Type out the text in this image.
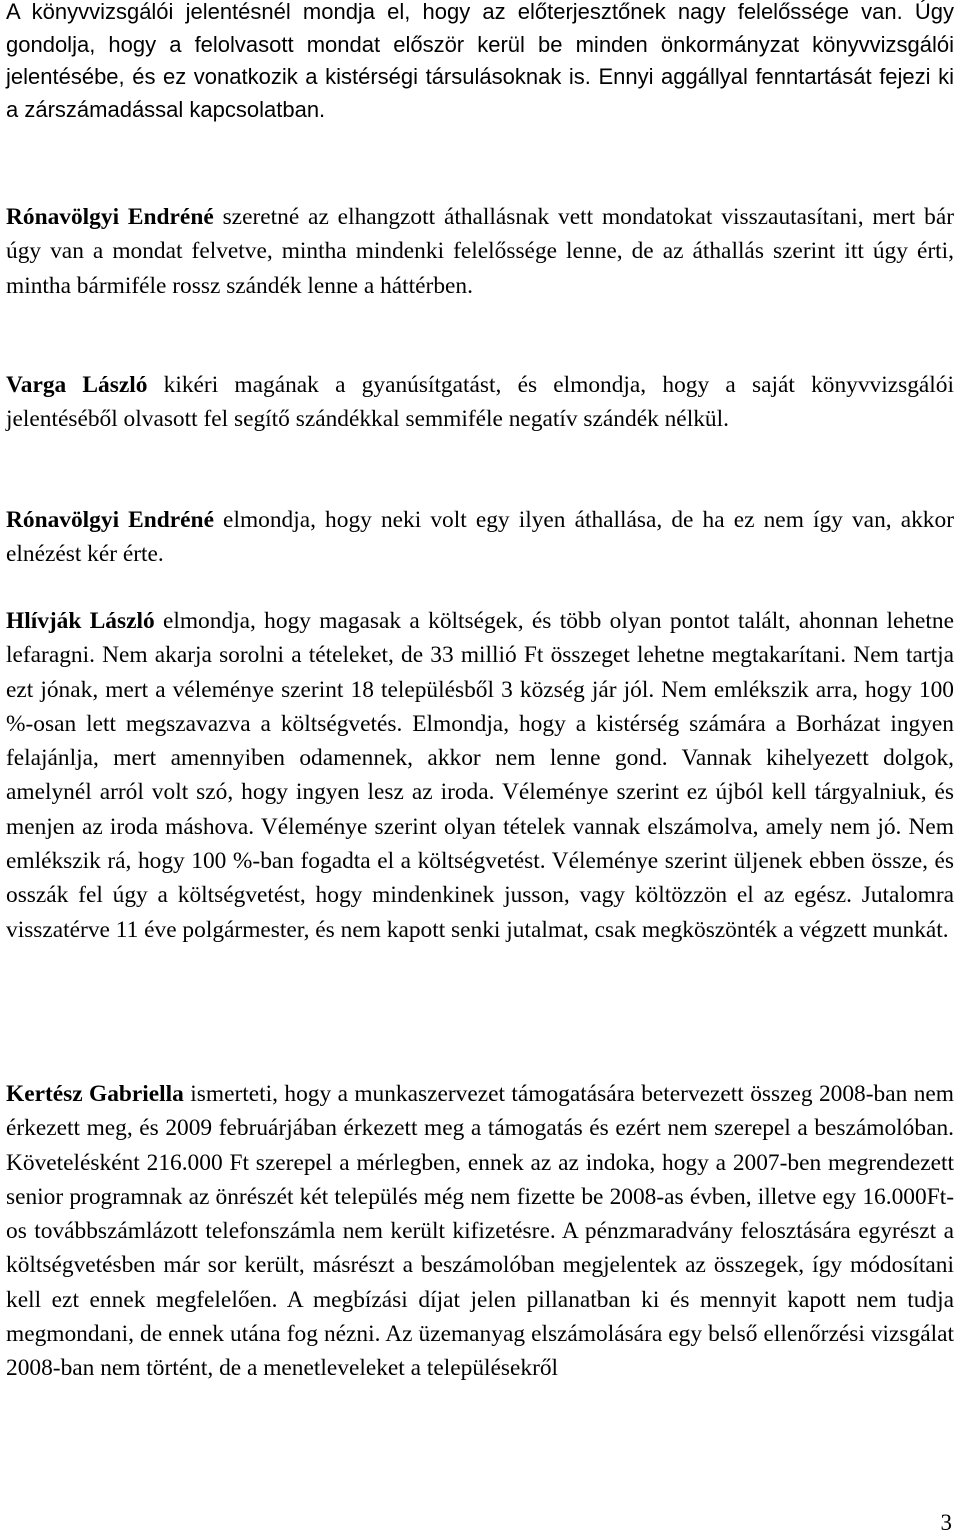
A könyvvizsgálói jelentésnél mondja el, hogy az előterjesztőnek nagy felelőssége van. Úgy gondolja, hogy a felolvasott mondat először kerül be minden önkormányzat könyvvizsgálói jelentésébe, és ez vonatkozik a kistérségi társulásoknak is. Ennyi aggállyal fenntartását fejezi ki a zárszámadással kapcsolatban.

Rónavölgyi Endréné szeretné az elhangzott áthallásnak vett mondatokat visszautasítani, mert bár úgy van a mondat felvetve, mintha mindenki felelőssége lenne, de az áthallás szerint itt úgy érti, mintha bármiféle rossz szándék lenne a háttérben.

Varga László kikéri magának a gyanúsítgatást, és elmondja, hogy a saját könyvvizsgálói jelentéséből olvasott fel segítő szándékkal semmiféle negatív szándék nélkül.

Rónavölgyi Endréné elmondja, hogy neki volt egy ilyen áthallása, de ha ez nem így van, akkor elnézést kér érte.

Hlívják László elmondja, hogy magasak a költségek, és több olyan pontot talált, ahonnan lehetne lefaragni. Nem akarja sorolni a tételeket, de 33 millió Ft összeget lehetne megtakarítani. Nem tartja ezt jónak, mert a véleménye szerint 18 településből 3 község jár jól. Nem emlékszik arra, hogy 100 %-osan lett megszavazva a költségvetés. Elmondja, hogy a kistérség számára a Borházat ingyen felajánlja, mert amennyiben odamennek, akkor nem lenne gond. Vannak kihelyezett dolgok, amelynél arról volt szó, hogy ingyen lesz az iroda. Véleménye szerint ez újból kell tárgyalniuk, és menjen az iroda máshova. Véleménye szerint olyan tételek vannak elszámolva, amely nem jó. Nem emlékszik rá, hogy 100 %-ban fogadta el a költségvetést. Véleménye szerint üljenek ebben össze, és osszák fel úgy a költségvetést, hogy mindenkinek jusson, vagy költözzön el az egész. Jutalomra visszatérve 11 éve polgármester, és nem kapott senki jutalmat, csak megköszönték a végzett munkát.

Kertész Gabriella ismerteti, hogy a munkaszervezet támogatására betervezett összeg 2008-ban nem érkezett meg, és 2009 februárjában érkezett meg a támogatás és ezért nem szerepel a beszámolóban. Követelésként 216.000 Ft szerepel a mérlegben, ennek az az indoka, hogy a 2007-ben megrendezett senior programnak az önrészét két település még nem fizette be 2008-as évben, illetve egy 16.000Ft-os továbbszámlázott telefonszámla nem került kifizetésre. A pénzmaradvány felosztására egyrészt a költségvetésben már sor került, másrészt a beszámolóban megjelentek az összegek, így módosítani kell ezt ennek megfelelően. A megbízási díjat jelen pillanatban ki és mennyit kapott nem tudja megmondani, de ennek utána fog nézni. Az üzemanyag elszámolására egy belső ellenőrzési vizsgálat 2008-ban nem történt, de a menetleveleket a településekről

3
